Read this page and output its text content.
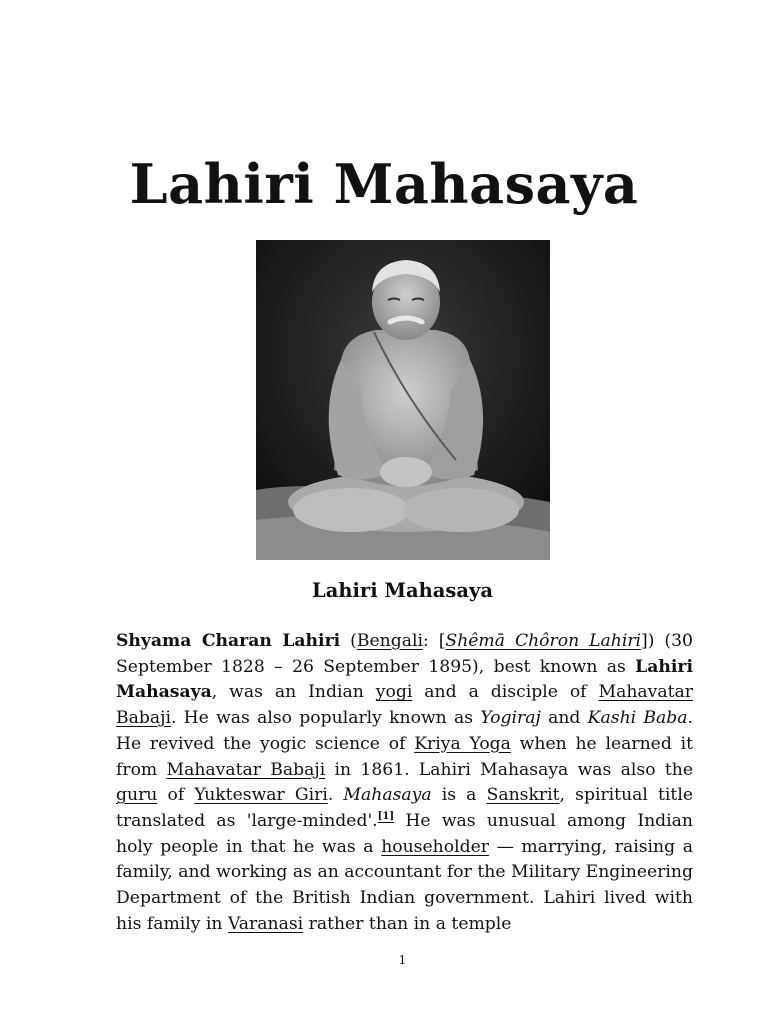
Lahiri Mahasaya
Lahiri Mahasaya

Shyama Charan Lahiri (Bengali: [Shêmā Chôron Lahiri]) (30 September 1828 – 26 September 1895), best known as Lahiri Mahasaya, was an Indian yogi and a disciple of Mahavatar Babaji. He was also popularly known as Yogiraj and Kashi Baba. He revived the yogic science of Kriya Yoga when he learned it from Mahavatar Babaji in 1861. Lahiri Mahasaya was also the guru of Yukteswar Giri. Mahasaya is a Sanskrit, spiritual title translated as 'large-minded'.[1] He was unusual among Indian holy people in that he was a householder — marrying, raising a family, and working as an accountant for the Military Engineering Department of the British Indian government. Lahiri lived with his family in Varanasi rather than in a temple

1
